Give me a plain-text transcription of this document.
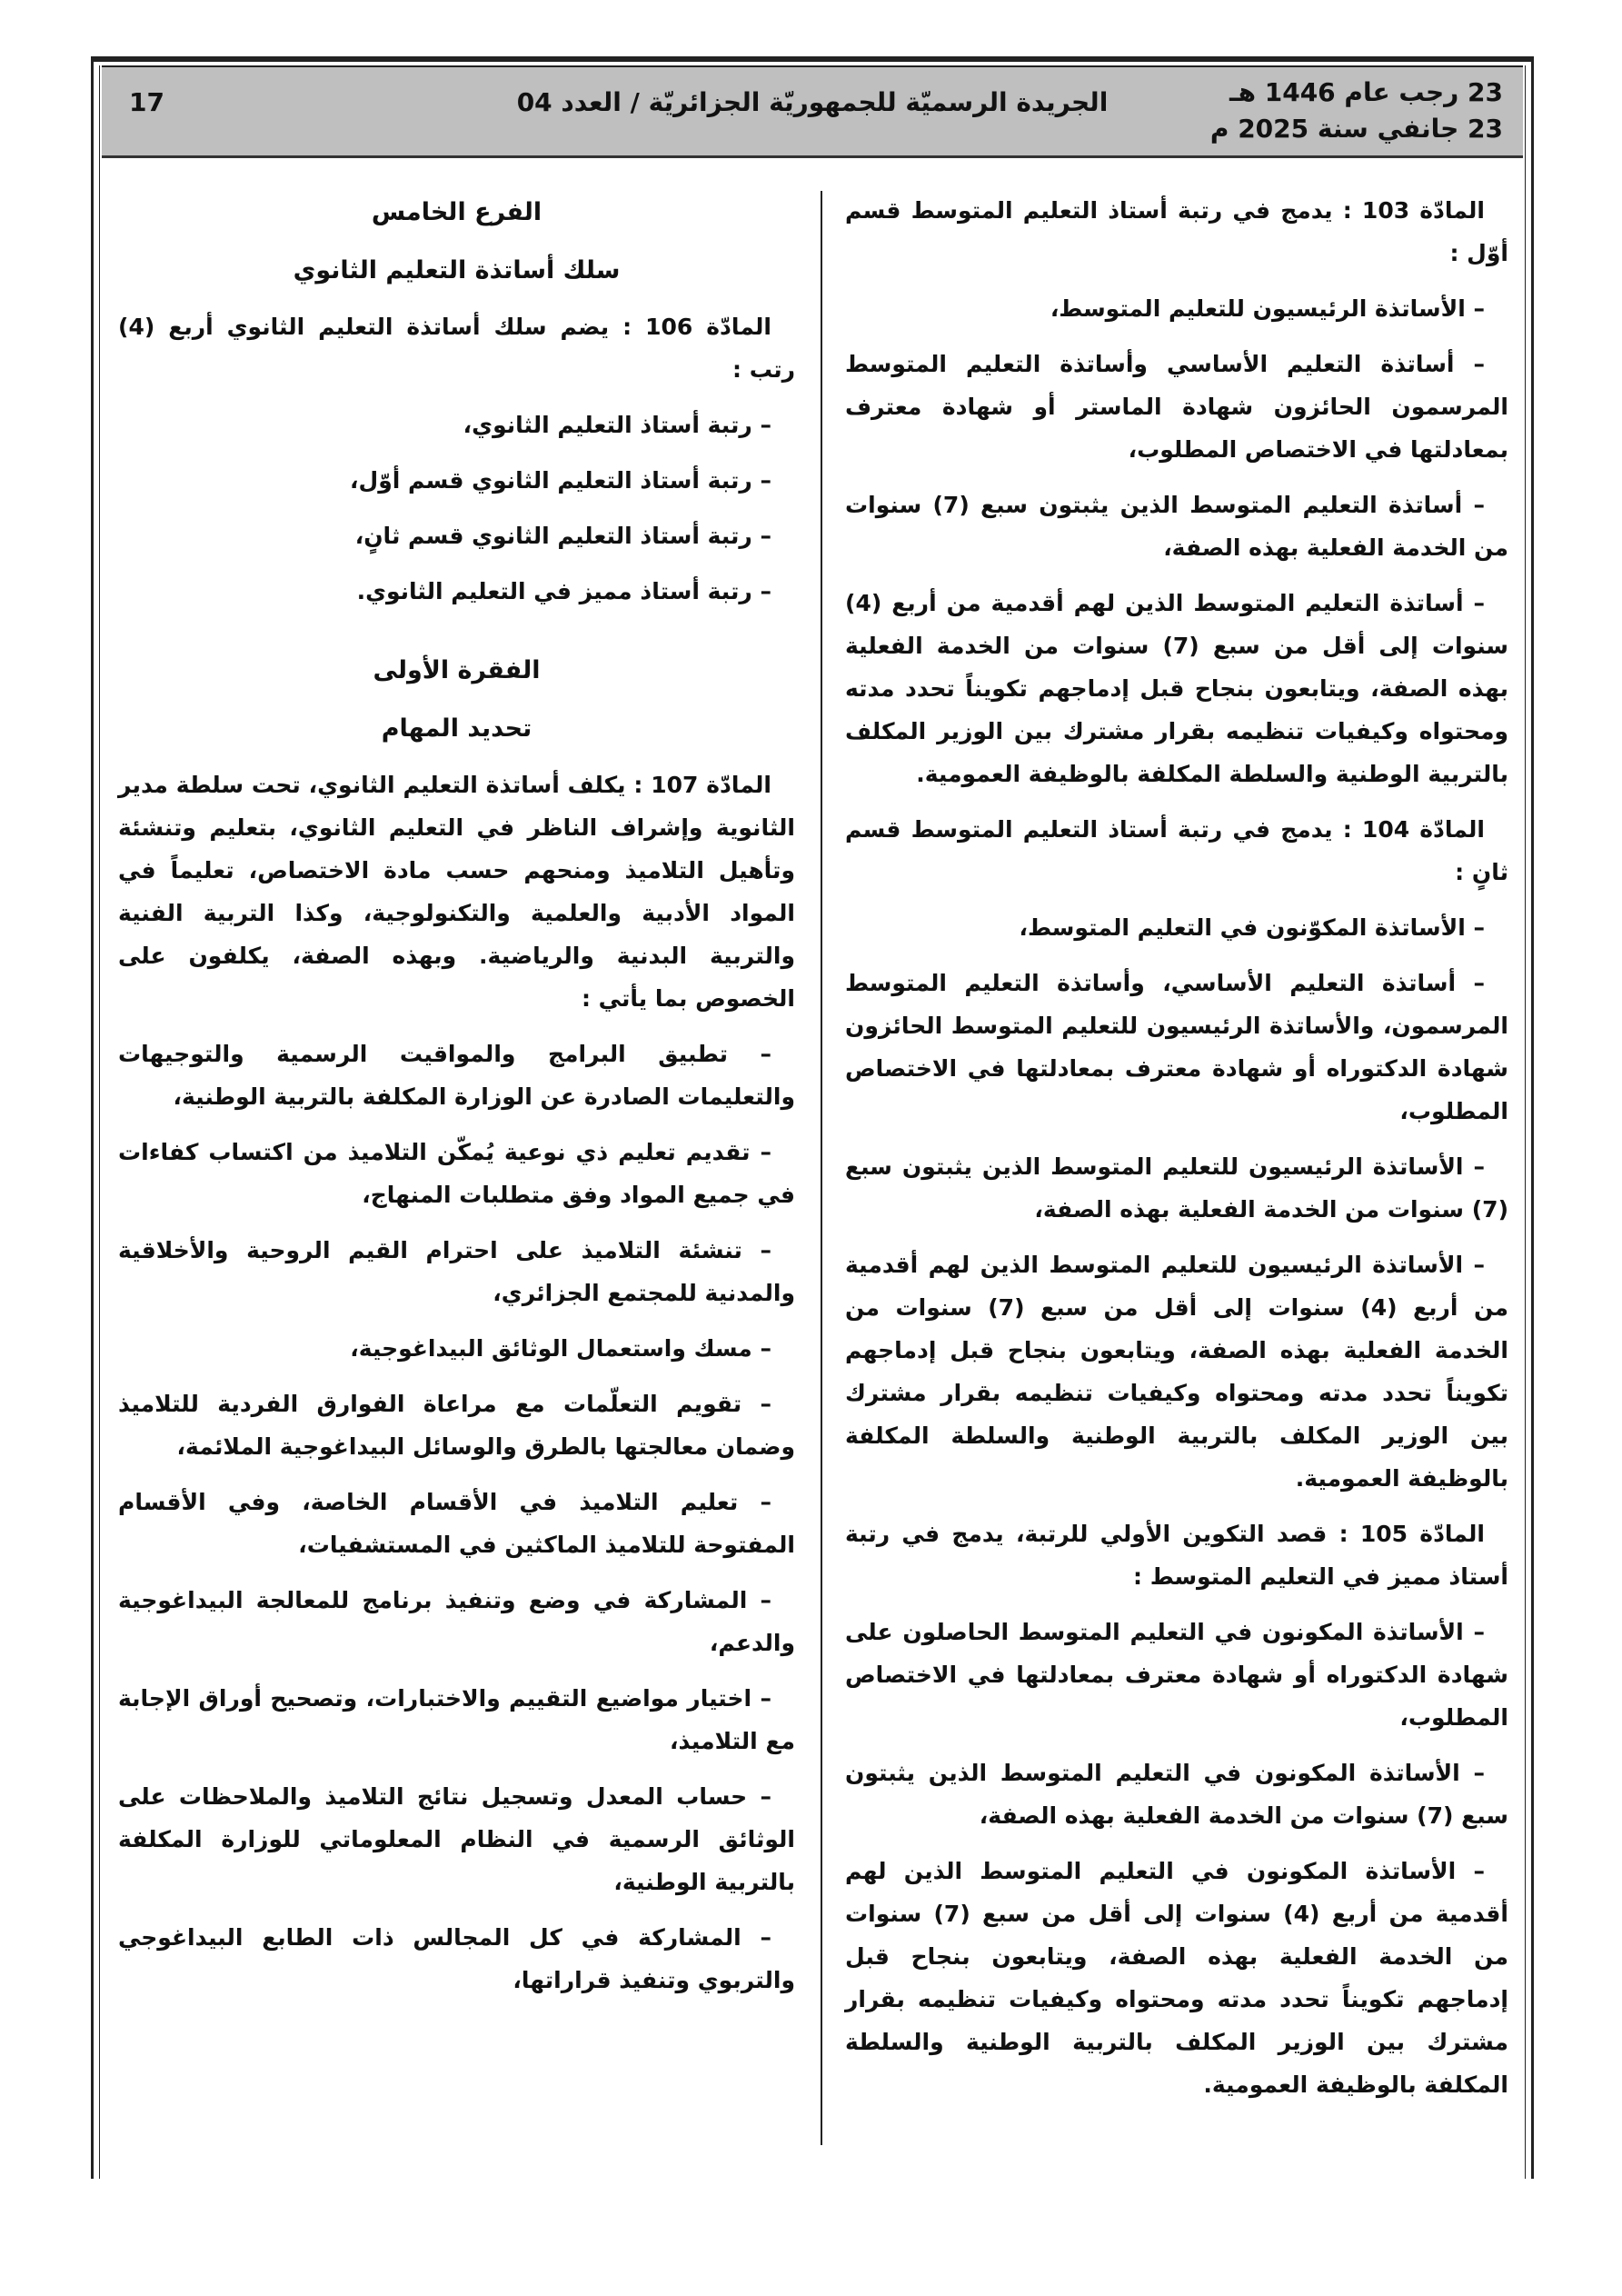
23 رجب عام 1446 هـ
23 جانفي سنة 2025 م
الجريدة الرسميّة للجمهوريّة الجزائريّة / العدد 04
17

المادّة 103 : يدمج في رتبة أستاذ التعليم المتوسط قسم أوّل :

– الأساتذة الرئيسيون للتعليم المتوسط،

– أساتذة التعليم الأساسي وأساتذة التعليم المتوسط المرسمون الحائزون شهادة الماستر أو شهادة معترف بمعادلتها في الاختصاص المطلوب،

– أساتذة التعليم المتوسط الذين يثبتون سبع (7) سنوات من الخدمة الفعلية بهذه الصفة،

– أساتذة التعليم المتوسط الذين لهم أقدمية من أربع (4) سنوات إلى أقل من سبع (7) سنوات من الخدمة الفعلية بهذه الصفة، ويتابعون بنجاح قبل إدماجهم تكويناً تحدد مدته ومحتواه وكيفيات تنظيمه بقرار مشترك بين الوزير المكلف بالتربية الوطنية والسلطة المكلفة بالوظيفة العمومية.

المادّة 104 : يدمج في رتبة أستاذ التعليم المتوسط قسم ثانٍ :

– الأساتذة المكوّنون في التعليم المتوسط،

– أساتذة التعليم الأساسي، وأساتذة التعليم المتوسط المرسمون، والأساتذة الرئيسيون للتعليم المتوسط الحائزون شهادة الدكتوراه أو شهادة معترف بمعادلتها في الاختصاص المطلوب،

– الأساتذة الرئيسيون للتعليم المتوسط الذين يثبتون سبع (7) سنوات من الخدمة الفعلية بهذه الصفة،

– الأساتذة الرئيسيون للتعليم المتوسط الذين لهم أقدمية من أربع (4) سنوات إلى أقل من سبع (7) سنوات من الخدمة الفعلية بهذه الصفة، ويتابعون بنجاح قبل إدماجهم تكويناً تحدد مدته ومحتواه وكيفيات تنظيمه بقرار مشترك بين الوزير المكلف بالتربية الوطنية والسلطة المكلفة بالوظيفة العمومية.

المادّة 105 : قصد التكوين الأولي للرتبة، يدمج في رتبة أستاذ مميز في التعليم المتوسط :

– الأساتذة المكونون في التعليم المتوسط الحاصلون على شهادة الدكتوراه أو شهادة معترف بمعادلتها في الاختصاص المطلوب،

– الأساتذة المكونون في التعليم المتوسط الذين يثبتون سبع (7) سنوات من الخدمة الفعلية بهذه الصفة،

– الأساتذة المكونون في التعليم المتوسط الذين لهم أقدمية من أربع (4) سنوات إلى أقل من سبع (7) سنوات من الخدمة الفعلية بهذه الصفة، ويتابعون بنجاح قبل إدماجهم تكويناً تحدد مدته ومحتواه وكيفيات تنظيمه بقرار مشترك بين الوزير المكلف بالتربية الوطنية والسلطة المكلفة بالوظيفة العمومية.

الفرع الخامس
سلك أساتذة التعليم الثانوي

المادّة 106 : يضم سلك أساتذة التعليم الثانوي أربع (4) رتب :

– رتبة أستاذ التعليم الثانوي،

– رتبة أستاذ التعليم الثانوي قسم أوّل،

– رتبة أستاذ التعليم الثانوي قسم ثانٍ،

– رتبة أستاذ مميز في التعليم الثانوي.

الفقرة الأولى
تحديد المهام

المادّة 107 : يكلف أساتذة التعليم الثانوي، تحت سلطة مدير الثانوية وإشراف الناظر في التعليم الثانوي، بتعليم وتنشئة وتأهيل التلاميذ ومنحهم حسب مادة الاختصاص، تعليماً في المواد الأدبية والعلمية والتكنولوجية، وكذا التربية الفنية والتربية البدنية والرياضية. وبهذه الصفة، يكلفون على الخصوص بما يأتي :

– تطبيق البرامج والمواقيت الرسمية والتوجيهات والتعليمات الصادرة عن الوزارة المكلفة بالتربية الوطنية،

– تقديم تعليم ذي نوعية يُمكّن التلاميذ من اكتساب كفاءات في جميع المواد وفق متطلبات المنهاج،

– تنشئة التلاميذ على احترام القيم الروحية والأخلاقية والمدنية للمجتمع الجزائري،

– مسك واستعمال الوثائق البيداغوجية،

– تقويم التعلّمات مع مراعاة الفوارق الفردية للتلاميذ وضمان معالجتها بالطرق والوسائل البيداغوجية الملائمة،

– تعليم التلاميذ في الأقسام الخاصة، وفي الأقسام المفتوحة للتلاميذ الماكثين في المستشفيات،

– المشاركة في وضع وتنفيذ برنامج للمعالجة البيداغوجية والدعم،

– اختيار مواضيع التقييم والاختبارات، وتصحيح أوراق الإجابة مع التلاميذ،

– حساب المعدل وتسجيل نتائج التلاميذ والملاحظات على الوثائق الرسمية في النظام المعلوماتي للوزارة المكلفة بالتربية الوطنية،

– المشاركة في كل المجالس ذات الطابع البيداغوجي والتربوي وتنفيذ قراراتها،
